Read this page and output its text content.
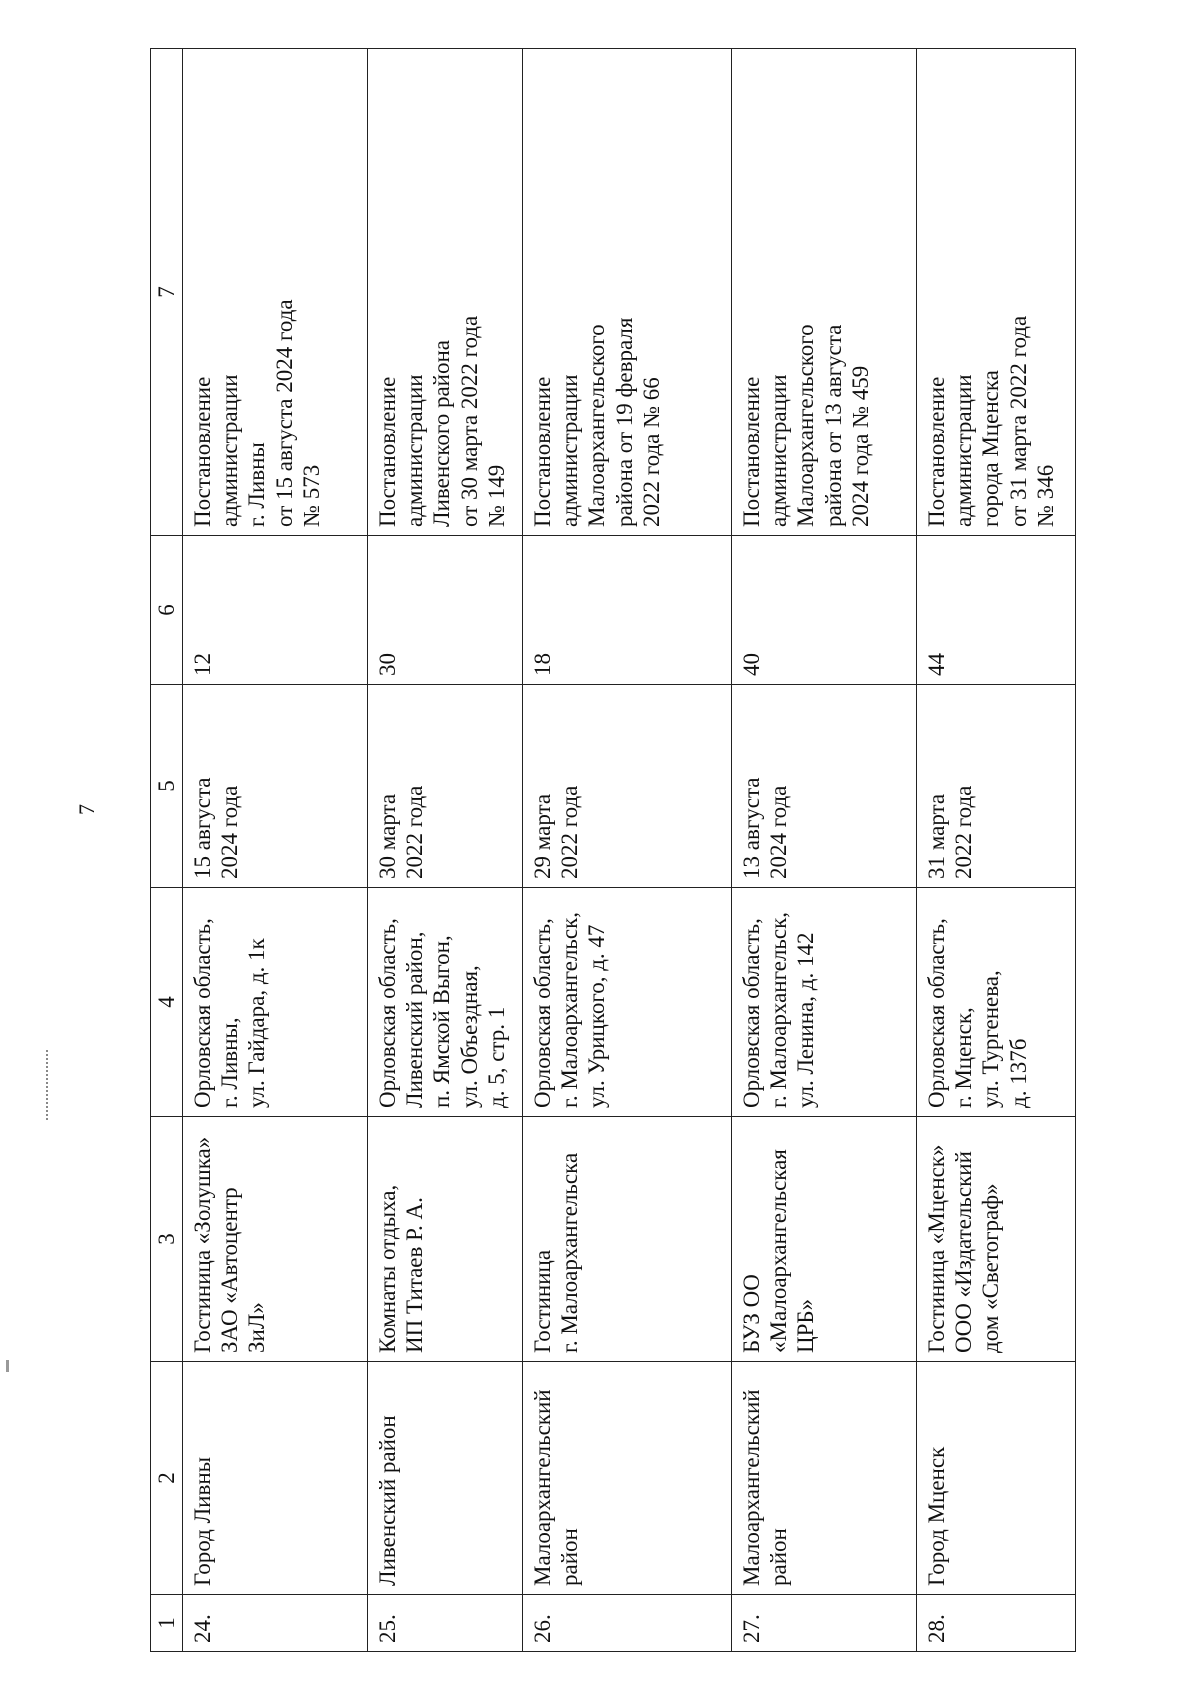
7
1	2	3	4	5	6	7
24.	Город Ливны	Гостиница «Золушка» ЗАО «Автоцентр ЗиЛ»	Орловская область, г. Ливны, ул. Гайдара, д. 1к	15 августа 2024 года	12	Постановление администрации г. Ливны от 15 августа 2024 года № 573

25.	Ливенский район	Комнаты отдыха, ИП Титаев Р. А.	Орловская область, Ливенский район, п. Ямской Выгон, ул. Объездная, д. 5, стр. 1	30 марта 2022 года	30	Постановление администрации Ливенского района от 30 марта 2022 года № 149

26.	Малоархангельский район	Гостиница г. Малоархангельска	Орловская область, г. Малоархангельск, ул. Урицкого, д. 47	29 марта 2022 года	18	Постановление администрации Малоархангельского района от 19 февраля 2022 года № 66

27.	Малоархангельский район	БУЗ ОО «Малоархангельская ЦРБ»	Орловская область, г. Малоархангельск, ул. Ленина, д. 142	13 августа 2024 года	40	Постановление администрации Малоархангельского района от 13 августа 2024 года № 459

28.	Город Мценск	Гостиница «Мценск» ООО «Издательский дом «Светограф»	Орловская область, г. Мценск, ул. Тургенева, д. 137б	31 марта 2022 года	44	Постановление администрации города Мценска от 31 марта 2022 года № 346
